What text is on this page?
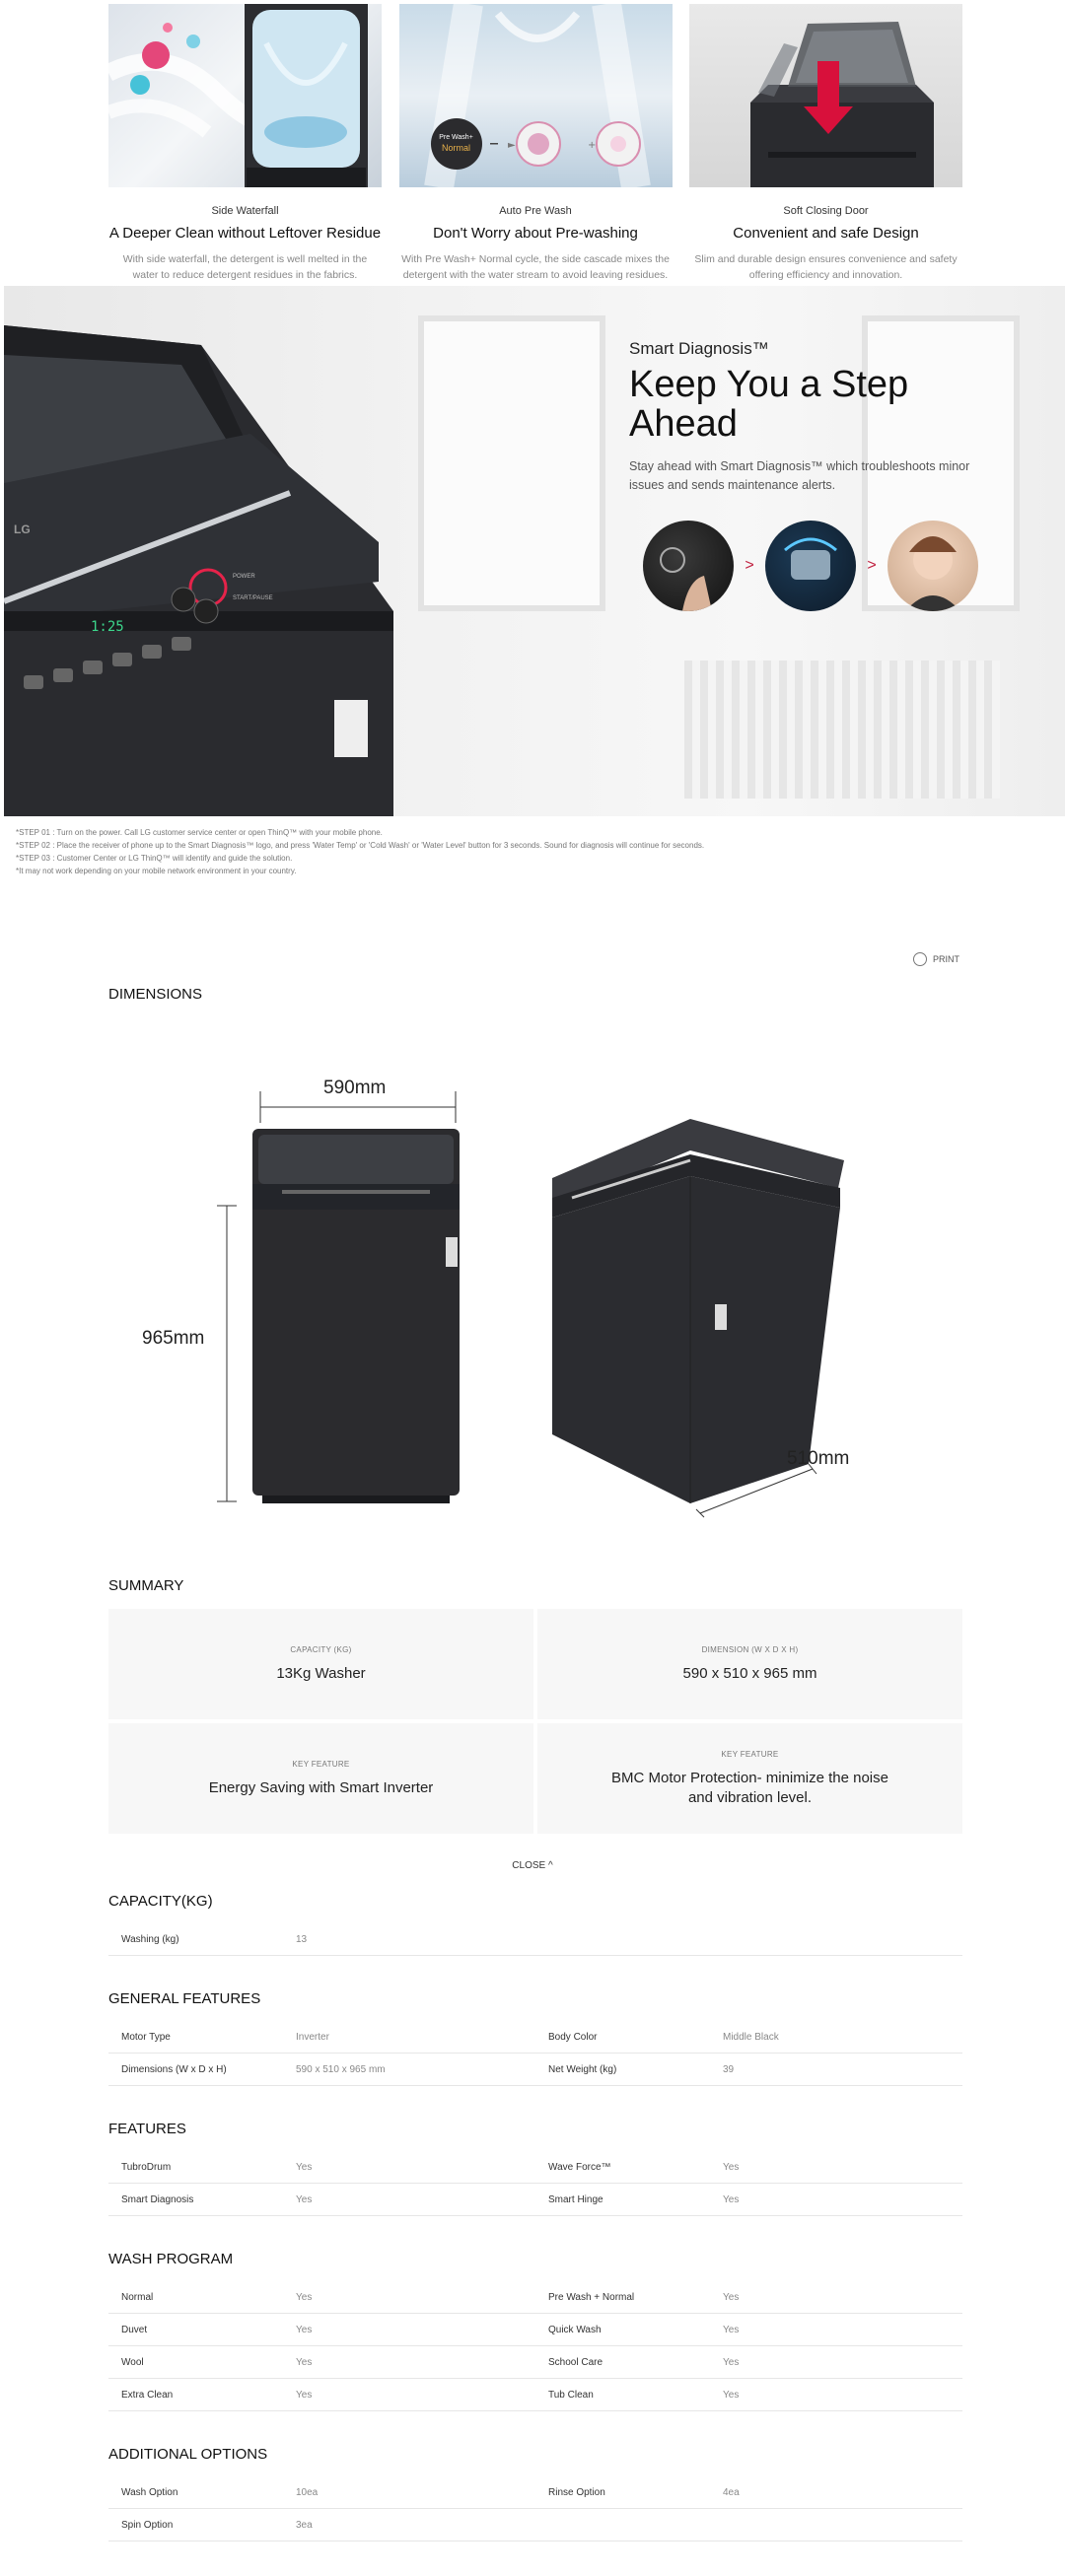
Side Waterfall
A Deeper Clean without Leftover Residue
With side waterfall, the detergent is well melted in the water to reduce detergent residues in the fabrics.
►	+
Pre Wash+
Normal
Auto Pre Wash
Don't Worry about Pre-washing
With Pre Wash+ Normal cycle, the side cascade mixes the detergent with the water stream to avoid leaving residues.
Soft Closing Door
Convenient and safe Design
Slim and durable design ensures convenience and safety offering efficiency and innovation.
1:25
POWER
START/PAUSE
LG
Smart Diagnosis™
Keep You a Step Ahead
Stay ahead with Smart Diagnosis™ which troubleshoots minor issues and sends maintenance alerts.
>	>
*STEP 01 : Turn on the power. Call LG customer service center or open ThinQ™ with your mobile phone.
*STEP 02 : Place the receiver of phone up to the Smart Diagnosis™ logo, and press 'Water Temp' or 'Cold Wash' or 'Water Level' button for 3 seconds. Sound for diagnosis will continue for seconds.
*STEP 03 : Customer Center or LG ThinQ™ will identify and guide the solution.
*It may not work depending on your mobile network environment in your country.
PRINT
DIMENSIONS
590mm
965mm
510mm
SUMMARY
CAPACITY (KG)
13Kg Washer
DIMENSION (W X D X H)
590 x 510 x 965 mm
KEY FEATURE
Energy Saving with Smart Inverter
KEY FEATURE
BMC Motor Protection- minimize the noise and vibration level.
CLOSE ^
CAPACITY(KG)
Washing (kg)	13
GENERAL FEATURES
Motor Type	Inverter	Body Color	Middle Black
Dimensions (W x D x H)	590 x 510 x 965 mm	Net Weight (kg)	39
FEATURES
TubroDrum	Yes	Wave Force™	Yes
Smart Diagnosis	Yes	Smart Hinge	Yes
WASH PROGRAM
Normal	Yes	Pre Wash + Normal	Yes
Duvet	Yes	Quick Wash	Yes
Wool	Yes	School Care	Yes
Extra Clean	Yes	Tub Clean	Yes
ADDITIONAL OPTIONS
Wash Option	10ea	Rinse Option	4ea
Spin Option	3ea
